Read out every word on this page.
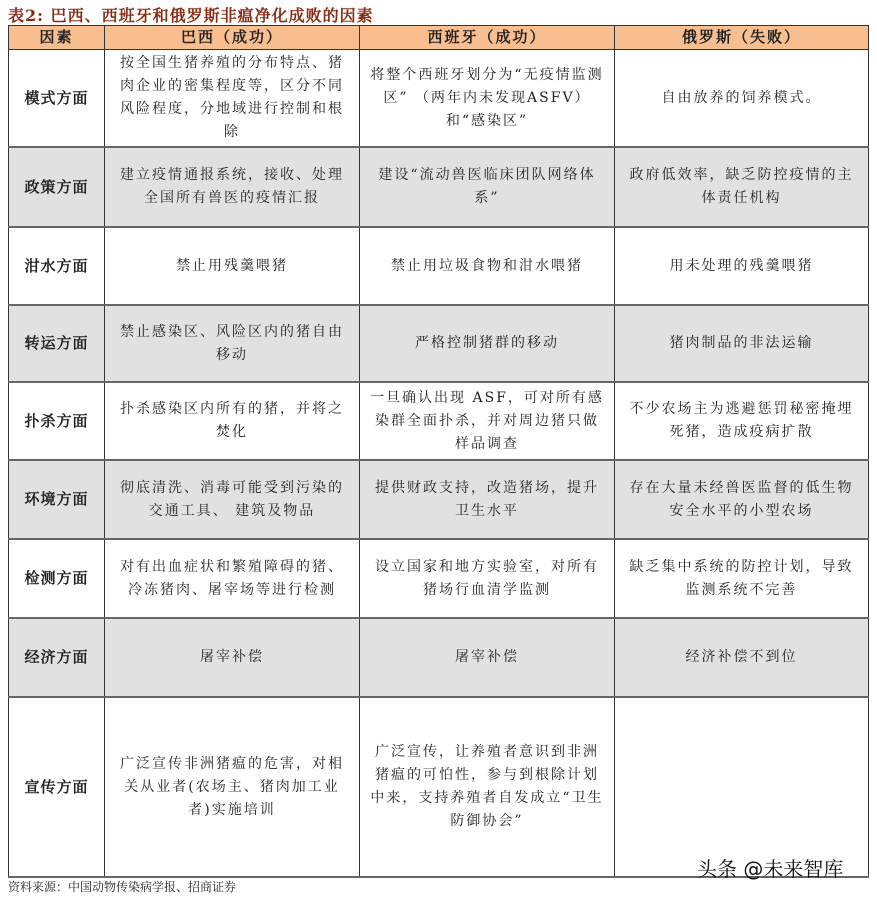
表2: 巴西、西班牙和俄罗斯非瘟净化成败的因素
因素	巴西（成功）	西班牙（成功）	俄罗斯（失败）
模式方面	按全国生猪养殖的分布特点、猪肉企业的密集程度等，区分不同风险程度，分地域进行控制和根除	将整个西班牙划分为“无疫情监测区” （两年内未发现ASFV）和“感染区”	自由放养的饲养模式。
政策方面	建立疫情通报系统，接收、处理全国所有兽医的疫情汇报	建设“流动兽医临床团队网络体系”	政府低效率，缺乏防控疫情的主体责任机构
泔水方面	禁止用残羹喂猪	禁止用垃圾食物和泔水喂猪	用未处理的残羹喂猪
转运方面	禁止感染区、风险区内的猪自由移动	严格控制猪群的移动	猪肉制品的非法运输
扑杀方面	扑杀感染区内所有的猪，并将之焚化	一旦确认出现 ASF，可对所有感染群全面扑杀，并对周边猪只做样品调查	不少农场主为逃避惩罚秘密掩埋死猪，造成疫病扩散
环境方面	彻底清洗、消毒可能受到污染的交通工具、 建筑及物品	提供财政支持，改造猪场，提升卫生水平	存在大量未经兽医监督的低生物安全水平的小型农场
检测方面	对有出血症状和繁殖障碍的猪、冷冻猪肉、屠宰场等进行检测	设立国家和地方实验室，对所有猪场行血清学监测	缺乏集中系统的防控计划，导致监测系统不完善
经济方面	屠宰补偿	屠宰补偿	经济补偿不到位
宣传方面	广泛宣传非洲猪瘟的危害，对相关从业者(农场主、猪肉加工业者)实施培训	广泛宣传，让养殖者意识到非洲猪瘟的可怕性，参与到根除计划中来，支持养殖者自发成立“卫生防御协会”	
资料来源：中国动物传染病学报、招商证券
头条 @未来智库
